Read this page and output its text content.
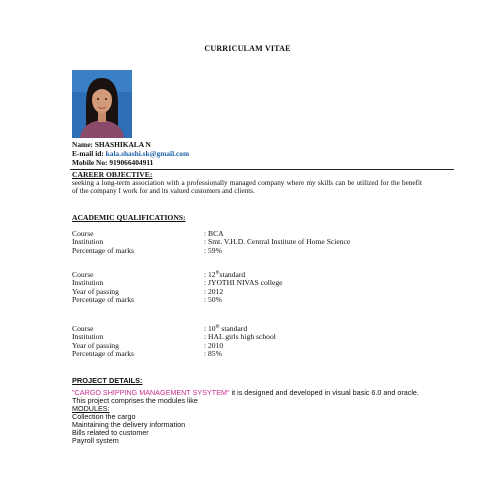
CURRICULAM VITAE
Name: SHASHIKALA N
E-mail id: kala.shashi.sk@gmail.com
Mobile No: 919066404911
CAREER OBJECTIVE:
seeking a long-term association with a professionally managed company where my skills can be utilized for the benefit of the company I work for and its valued customers and clients.
ACADEMIC QUALIFICATIONS:
Course	: BCA
Institution	: Smt. V.H.D. Central Institute of Home Science
Percentage of marks	: 59%
Course	: 12thstandard
Institution	: JYOTHI NIVAS college
Year of passing	: 2012
Percentage of marks	: 50%
Course	: 10th standard
Institution	: HAL girls high school
Year of passing	: 2010
Percentage of marks	: 85%
PROJECT DETAILS:
"CARGO SHIPPING MANAGEMENT SYSYTEM" it is designed and developed in visual basic 6.0 and oracle. This project comprises the modules like
MODULES:
Collection the cargo
Maintaining the delivery information
Bills related to customer
Payroll system
